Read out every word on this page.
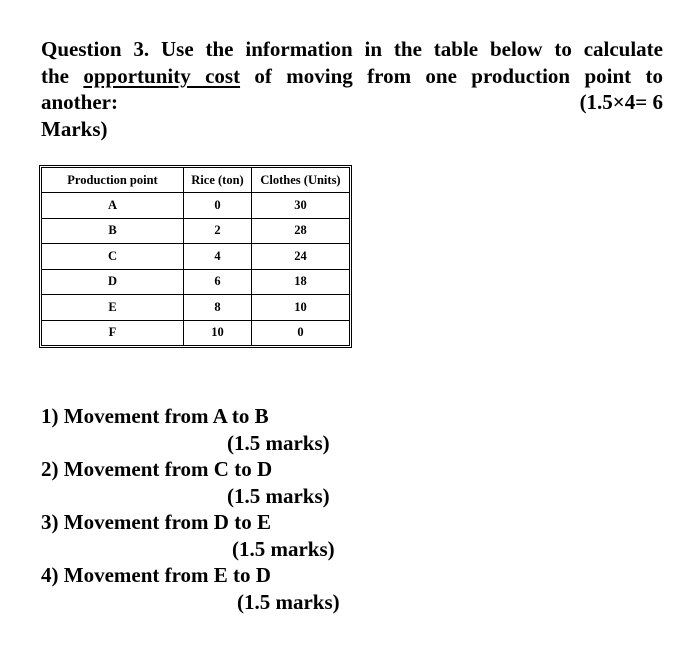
Question 3. Use the information in the table below to calculate
the opportunity cost of moving from one production point to
another:	(1.5×4= 6
Marks)
Production point	Rice (ton)	Clothes (Units)
A	0	30
B	2	28
C	4	24
D	6	18
E	8	10
F	10	0
1) Movement from A to B
(1.5 marks)
2) Movement from C to D
(1.5 marks)
3) Movement from D to E
(1.5 marks)
4) Movement from E to D
(1.5 marks)
